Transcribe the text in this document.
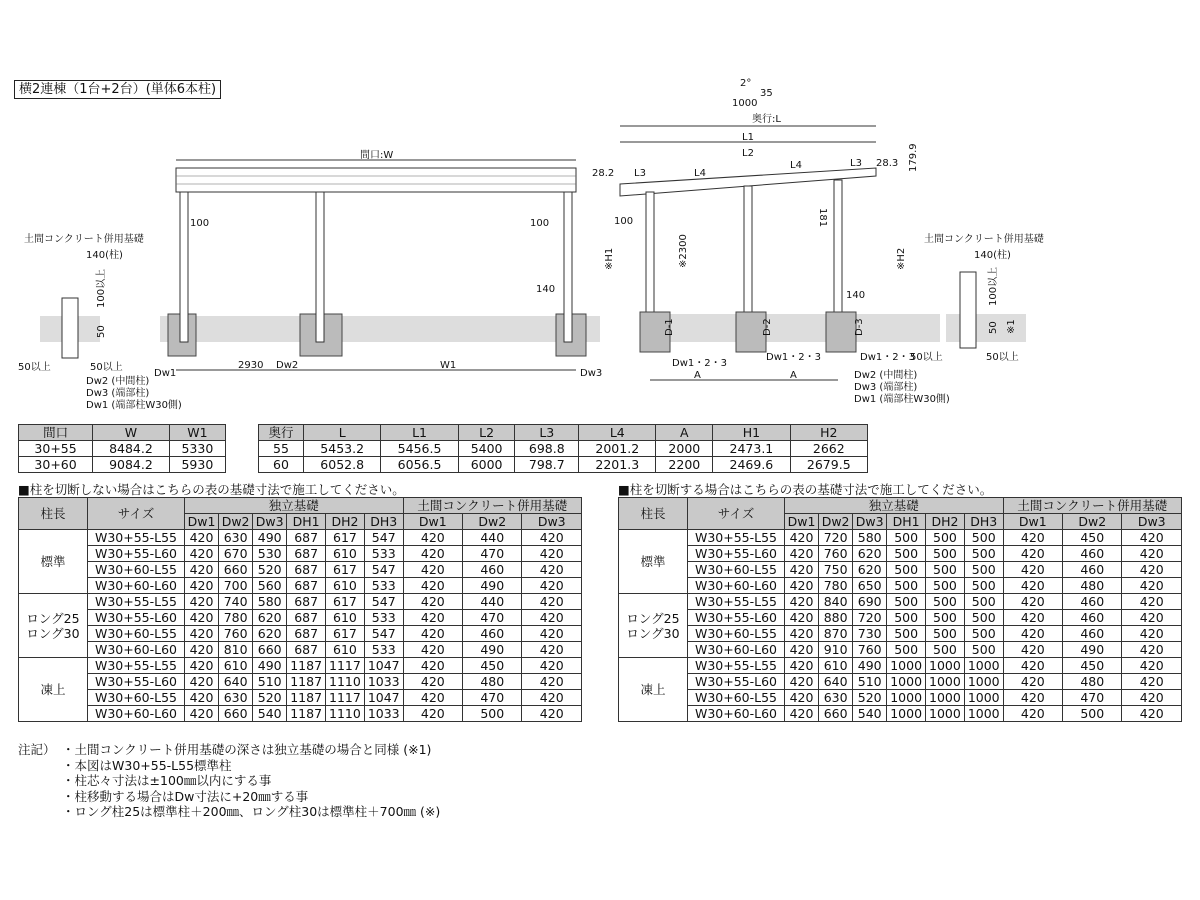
横2連棟（1台+2台）(単体6本柱)
間口:W
100	100
140
土間コンクリート併用基礎
140(柱)
100以上
50
50以上	50以上	2930 Dw2	W1
Dw1	Dw3
Dw2 (中間柱)
Dw3 (端部柱)
Dw1 (端部柱W30側)
2°
35
1000
奥行:L
L1
L2
28.2 L3	L4
L4	L3 28.3 179.9
100	181
※2300
※H1	※H2
140
D-1	D-2	D-3
Dw1・2・3
Dw1・2・3	Dw1・2・3
A	A
土間コンクリート併用基礎
140(柱)
100以上
50 ※1
50以上	50以上
Dw2 (中間柱)
Dw3 (端部柱)
Dw1 (端部柱W30側)
間口	W	W1
30+55	8484.2	5330
30+60	9084.2	5930
奥行	L	L1	L2	L3	L4	A	H1	H2
55	5453.2	5456.5	5400	698.8	2001.2	2000	2473.1	2662
60	6052.8	6056.5	6000	798.7	2201.3	2200	2469.6	2679.5
■柱を切断しない場合はこちらの表の基礎寸法で施工してください。	■柱を切断する場合はこちらの表の基礎寸法で施工してください。
柱長	サイズ	独立基礎						土間コンクリート併用基礎		
		Dw1	Dw2	Dw3	DH1	DH2	DH3	Dw1	Dw2	Dw3

標準	W30+55-L55	420	630	490	687	617	547	420	440	420
	W30+55-L60	420	670	530	687	610	533	420	470	420
	W30+60-L55	420	660	520	687	617	547	420	460	420
	W30+60-L60	420	700	560	687	610	533	420	490	420

ロング25
ロング30	W30+55-L55	420	740	580	687	617	547	420	440	420
	W30+55-L60	420	780	620	687	610	533	420	470	420
	W30+60-L55	420	760	620	687	617	547	420	460	420
	W30+60-L60	420	810	660	687	610	533	420	490	420

凍上	W30+55-L55	420	610	490	1187	1117	1047	420	450	420
	W30+55-L60	420	640	510	1187	1110	1033	420	480	420
	W30+60-L55	420	630	520	1187	1117	1047	420	470	420
	W30+60-L60	420	660	540	1187	1110	1033	420	500	420
柱長	サイズ	独立基礎						土間コンクリート併用基礎		
		Dw1	Dw2	Dw3	DH1	DH2	DH3	Dw1	Dw2	Dw3

標準	W30+55-L55	420	720	580	500	500	500	420	450	420
	W30+55-L60	420	760	620	500	500	500	420	460	420
	W30+60-L55	420	750	620	500	500	500	420	460	420
	W30+60-L60	420	780	650	500	500	500	420	480	420

ロング25
ロング30	W30+55-L55	420	840	690	500	500	500	420	460	420
	W30+55-L60	420	880	720	500	500	500	420	460	420
	W30+60-L55	420	870	730	500	500	500	420	460	420
	W30+60-L60	420	910	760	500	500	500	420	490	420

凍上	W30+55-L55	420	610	490	1000	1000	1000	420	450	420
	W30+55-L60	420	640	510	1000	1000	1000	420	480	420
	W30+60-L55	420	630	520	1000	1000	1000	420	470	420
	W30+60-L60	420	660	540	1000	1000	1000	420	500	420
注記）	・ 土間コンクリート併用基礎の深さは独立基礎の場合と同様 (※1)
・ 本図はW30+55-L55標準柱
・ 柱芯々寸法は±100㎜以内にする事
・ 柱移動する場合はDw寸法に+20㎜する事
・ ロング柱25は標準柱＋200㎜、ロング柱30は標準柱＋700㎜ (※)
